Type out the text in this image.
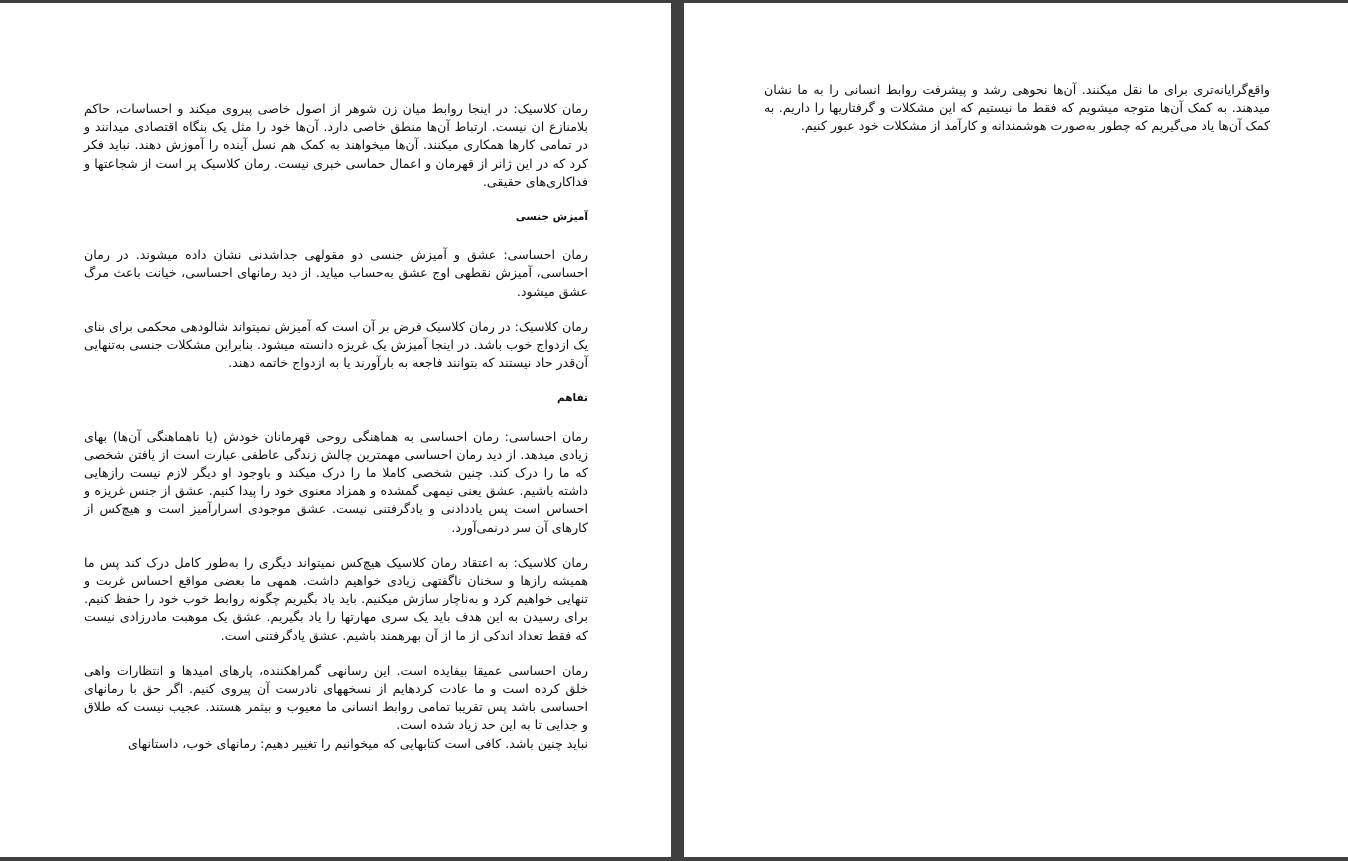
رمان کلاسیک: در اینجا روابط میان زن شوهر از اصول خاصی پیروی میکند و احساسات، حاکم بلامنازع ان نیست. ارتباط آن‌ها منطق خاصی دارد. آن‌ها خود را مثل یک بنگاه اقتصادی میدانند و در تمامی کارها همکاری میکنند. آن‌ها میخواهند به کمک هم نسل آینده را آموزش دهند. نباید فکر کرد که در این ژانر از قهرمان و اعمال حماسی خبری نیست. رمان کلاسیک پر است از شجاعتها و فداکاری‌های حقیقی.

آمیزش جنسی

رمان احساسی: عشق و آمیزش جنسی دو مقولهی جداشدنی نشان داده میشوند. در رمان احساسی، آمیزش نقطهی اوج عشق به‌حساب میاید. از دید رمانهای احساسی، خیانت باعث مرگ عشق میشود.

رمان کلاسیک: در رمان کلاسیک فرض بر آن است که آمیزش نمیتواند شالودهی محکمی برای بنای یک ازدواج خوب باشد. در اینجا آمیزش یک غریزه دانسته میشود. بنابراین مشکلات جنسی به‌تنهایی آن‌قدر حاد نیستند که بتوانند فاجعه به بارآورند یا به ازدواج خاتمه دهند.

تفاهم

رمان احساسی: رمان احساسی به هماهنگی روحی قهرمانان خودش (یا ناهماهنگی آن‌ها) بهای زیادی میدهد. از دید رمان احساسی مهمترین چالش زندگی عاطفی عبارت است از یافتن شخصی که ما را درک کند. چنین شخصی کاملا ما را درک میکند و باوجود او دیگر لازم نیست رازهایی داشته باشیم. عشق یعنی نیمهی گمشده و همزاد معنوی خود را پیدا کنیم. عشق از جنس غریزه و احساس است پس یاددادنی و یادگرفتنی نیست. عشق موجودی اسرارآمیز است و هیچ‌کس از کارهای آن سر درنمی‌آورد.

رمان کلاسیک: به اعتقاد رمان کلاسیک هیچ‌کس نمیتواند دیگری را به‌طور کامل درک کند پس ما همیشه رازها و سخنان ناگفتهی زیادی خواهیم داشت. همهی ما بعضی مواقع احساس غربت و تنهایی خواهیم کرد و به‌ناچار سازش میکنیم. باید یاد بگیریم چگونه روابط خوب خود را حفظ کنیم. برای رسیدن به این هدف باید یک سری مهارتها را یاد بگیریم. عشق یک موهبت مادرزادی نیست که فقط تعداد اندکی از ما از آن بهرهمند باشیم. عشق یادگرفتنی است.

رمان احساسی عمیقا بیفایده است. این رسانهی گمراهکننده، پارهای امیدها و انتظارات واهی خلق کرده است و ما عادت کردهایم از نسخههای نادرست آن پیروی کنیم. اگر حق با رمانهای احساسی باشد پس تقریبا تمامی روابط انسانی ما معیوب و بیثمر هستند. عجیب نیست که طلاق و جدایی تا به این حد زیاد شده است.

نباید چنین باشد. کافی است کتابهایی که میخوانیم را تغییر دهیم: رمانهای خوب، داستانهای

واقع‌گرایانه‌تری برای ما نقل میکنند. آن‌ها نحوهی رشد و پیشرفت روابط انسانی را به ما نشان میدهند. به کمک آن‌ها متوجه میشویم که فقط ما نیستیم که این مشکلات و گرفتاریها را داریم. به کمک آن‌ها یاد می‌گیریم که چطور به‌صورت هوشمندانه و کارآمد از مشکلات خود عبور کنیم.
